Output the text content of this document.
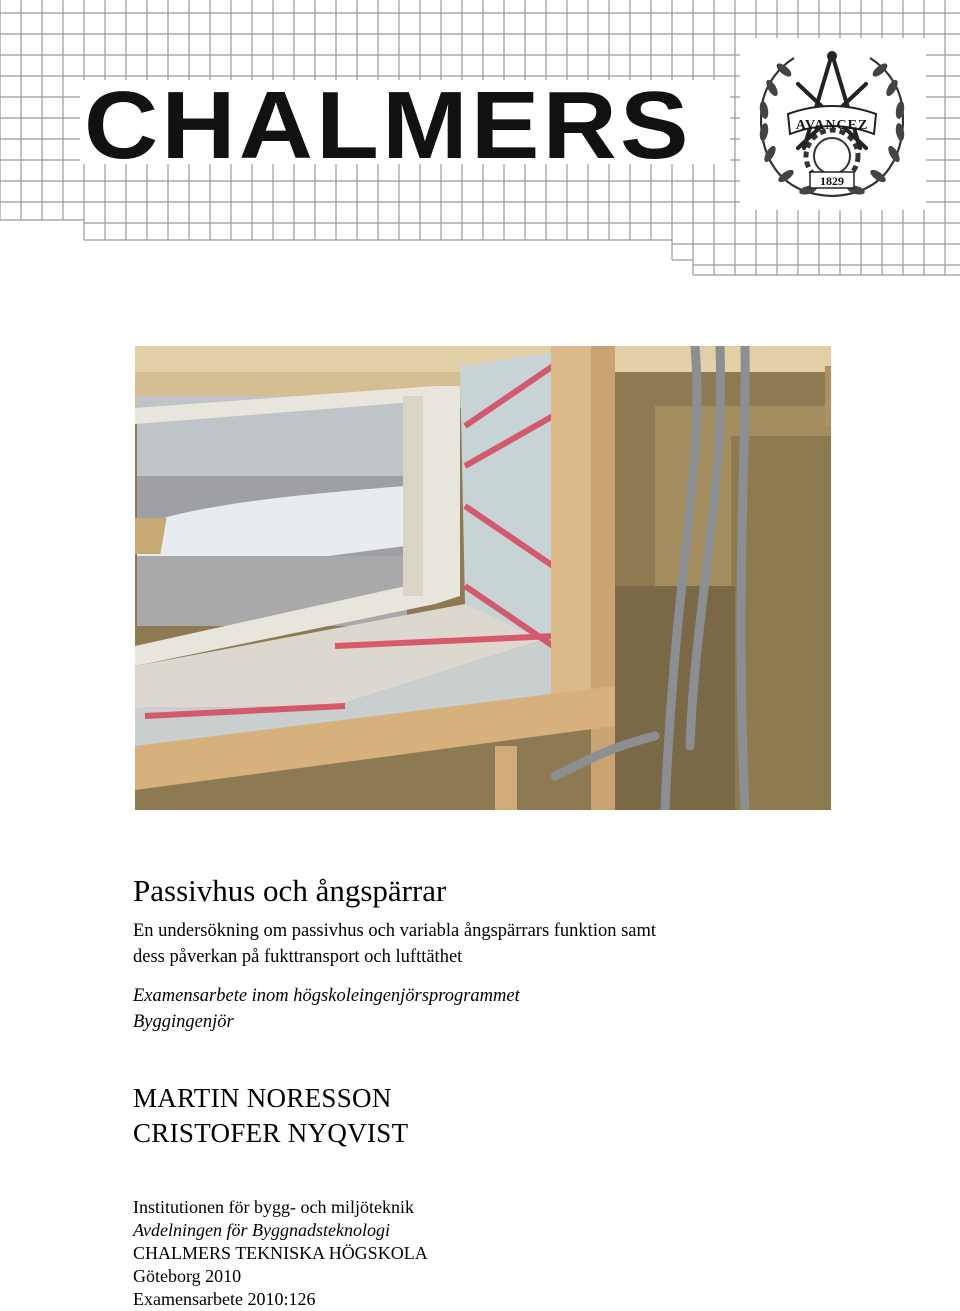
CHALMERS	AVANCEZ
1829
Passivhus och ångspärrar
En undersökning om passivhus och variabla ångspärrars funktion samt
dess påverkan på fukttransport och lufttäthet
Examensarbete inom högskoleingenjörsprogrammet
Byggingenjör
MARTIN NORESSON
CRISTOFER NYQVIST
Institutionen för bygg- och miljöteknik
Avdelningen för Byggnadsteknologi
CHALMERS TEKNISKA HÖGSKOLA
Göteborg 2010
Examensarbete 2010:126
